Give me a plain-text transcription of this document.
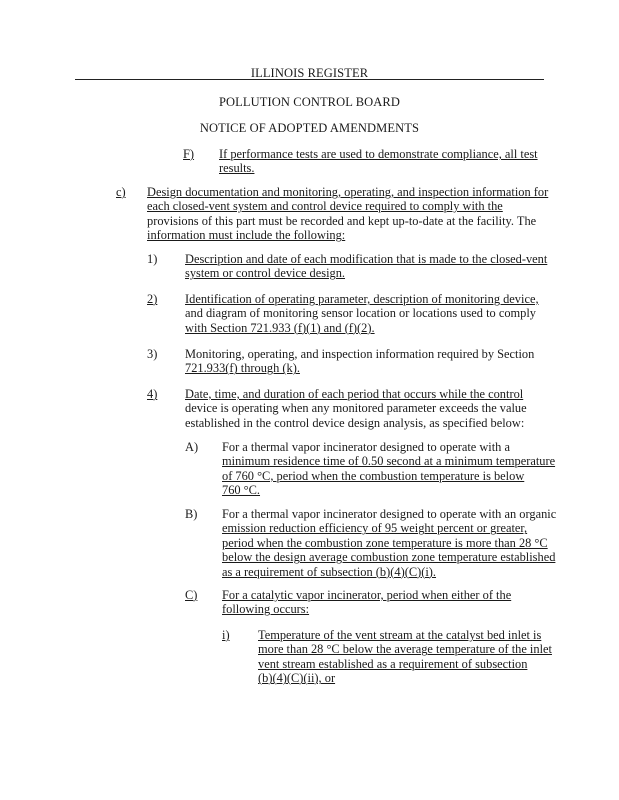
ILLINOIS REGISTER
POLLUTION CONTROL BOARD
NOTICE OF ADOPTED AMENDMENTS
F) If performance tests are used to demonstrate compliance, all test
results.
c) Design documentation and monitoring, operating, and inspection information for
each closed-vent system and control device required to comply with the
provisions of this part must be recorded and kept up-to-date at the facility. The
information must include the following:
1) Description and date of each modification that is made to the closed-vent
system or control device design.
2) Identification of operating parameter, description of monitoring device,
and diagram of monitoring sensor location or locations used to comply
with Section 721.933 (f)(1) and (f)(2).
3) Monitoring, operating, and inspection information required by Section
721.933(f) through (k).
4) Date, time, and duration of each period that occurs while the control
device is operating when any monitored parameter exceeds the value
established in the control device design analysis, as specified below:
A) For a thermal vapor incinerator designed to operate with a
minimum residence time of 0.50 second at a minimum temperature
of 760 °C, period when the combustion temperature is below
760 °C.
B) For a thermal vapor incinerator designed to operate with an organic
emission reduction efficiency of 95 weight percent or greater,
period when the combustion zone temperature is more than 28 °C
below the design average combustion zone temperature established
as a requirement of subsection (b)(4)(C)(i).
C) For a catalytic vapor incinerator, period when either of the
following occurs:
i) Temperature of the vent stream at the catalyst bed inlet is
more than 28 °C below the average temperature of the inlet
vent stream established as a requirement of subsection
(b)(4)(C)(ii), or
